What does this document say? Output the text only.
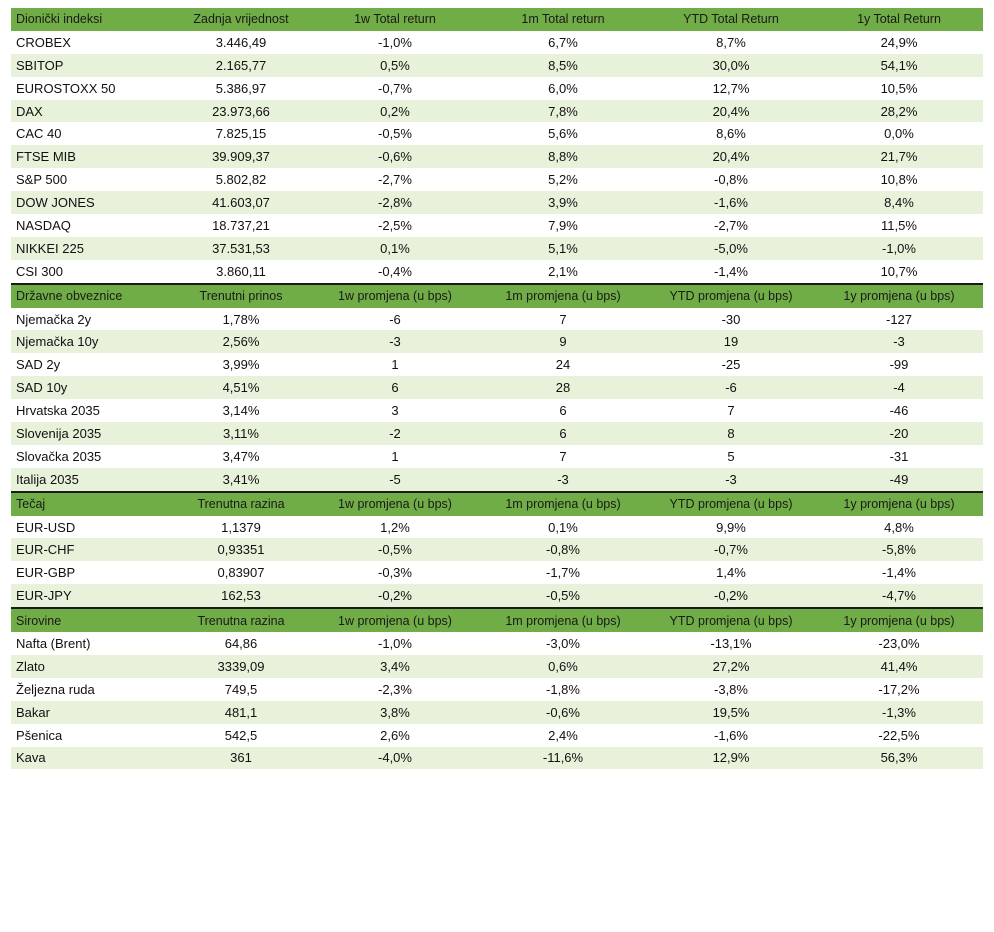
Dionički indeksi	Zadnja vrijednost	1w Total return	1m Total return	YTD Total Return	1y Total Return
CROBEX	3.446,49	-1,0%	6,7%	8,7%	24,9%
SBITOP	2.165,77	0,5%	8,5%	30,0%	54,1%
EUROSTOXX 50	5.386,97	-0,7%	6,0%	12,7%	10,5%
DAX	23.973,66	0,2%	7,8%	20,4%	28,2%
CAC 40	7.825,15	-0,5%	5,6%	8,6%	0,0%
FTSE MIB	39.909,37	-0,6%	8,8%	20,4%	21,7%
S&P 500	5.802,82	-2,7%	5,2%	-0,8%	10,8%
DOW JONES	41.603,07	-2,8%	3,9%	-1,6%	8,4%
NASDAQ	18.737,21	-2,5%	7,9%	-2,7%	11,5%
NIKKEI 225	37.531,53	0,1%	5,1%	-5,0%	-1,0%
CSI 300	3.860,11	-0,4%	2,1%	-1,4%	10,7%
Državne obveznice	Trenutni prinos	1w promjena (u bps)	1m promjena (u bps)	YTD promjena (u bps)	1y promjena (u bps)
Njemačka 2y	1,78%	-6	7	-30	-127
Njemačka 10y	2,56%	-3	9	19	-3
SAD 2y	3,99%	1	24	-25	-99
SAD 10y	4,51%	6	28	-6	-4
Hrvatska 2035	3,14%	3	6	7	-46
Slovenija 2035	3,11%	-2	6	8	-20
Slovačka 2035	3,47%	1	7	5	-31
Italija 2035	3,41%	-5	-3	-3	-49
Tečaj	Trenutna razina	1w promjena (u bps)	1m promjena (u bps)	YTD promjena (u bps)	1y promjena (u bps)
EUR-USD	1,1379	1,2%	0,1%	9,9%	4,8%
EUR-CHF	0,93351	-0,5%	-0,8%	-0,7%	-5,8%
EUR-GBP	0,83907	-0,3%	-1,7%	1,4%	-1,4%
EUR-JPY	162,53	-0,2%	-0,5%	-0,2%	-4,7%
Sirovine	Trenutna razina	1w promjena (u bps)	1m promjena (u bps)	YTD promjena (u bps)	1y promjena (u bps)
Nafta (Brent)	64,86	-1,0%	-3,0%	-13,1%	-23,0%
Zlato	3339,09	3,4%	0,6%	27,2%	41,4%
Željezna ruda	749,5	-2,3%	-1,8%	-3,8%	-17,2%
Bakar	481,1	3,8%	-0,6%	19,5%	-1,3%
Pšenica	542,5	2,6%	2,4%	-1,6%	-22,5%
Kava	361	-4,0%	-11,6%	12,9%	56,3%
